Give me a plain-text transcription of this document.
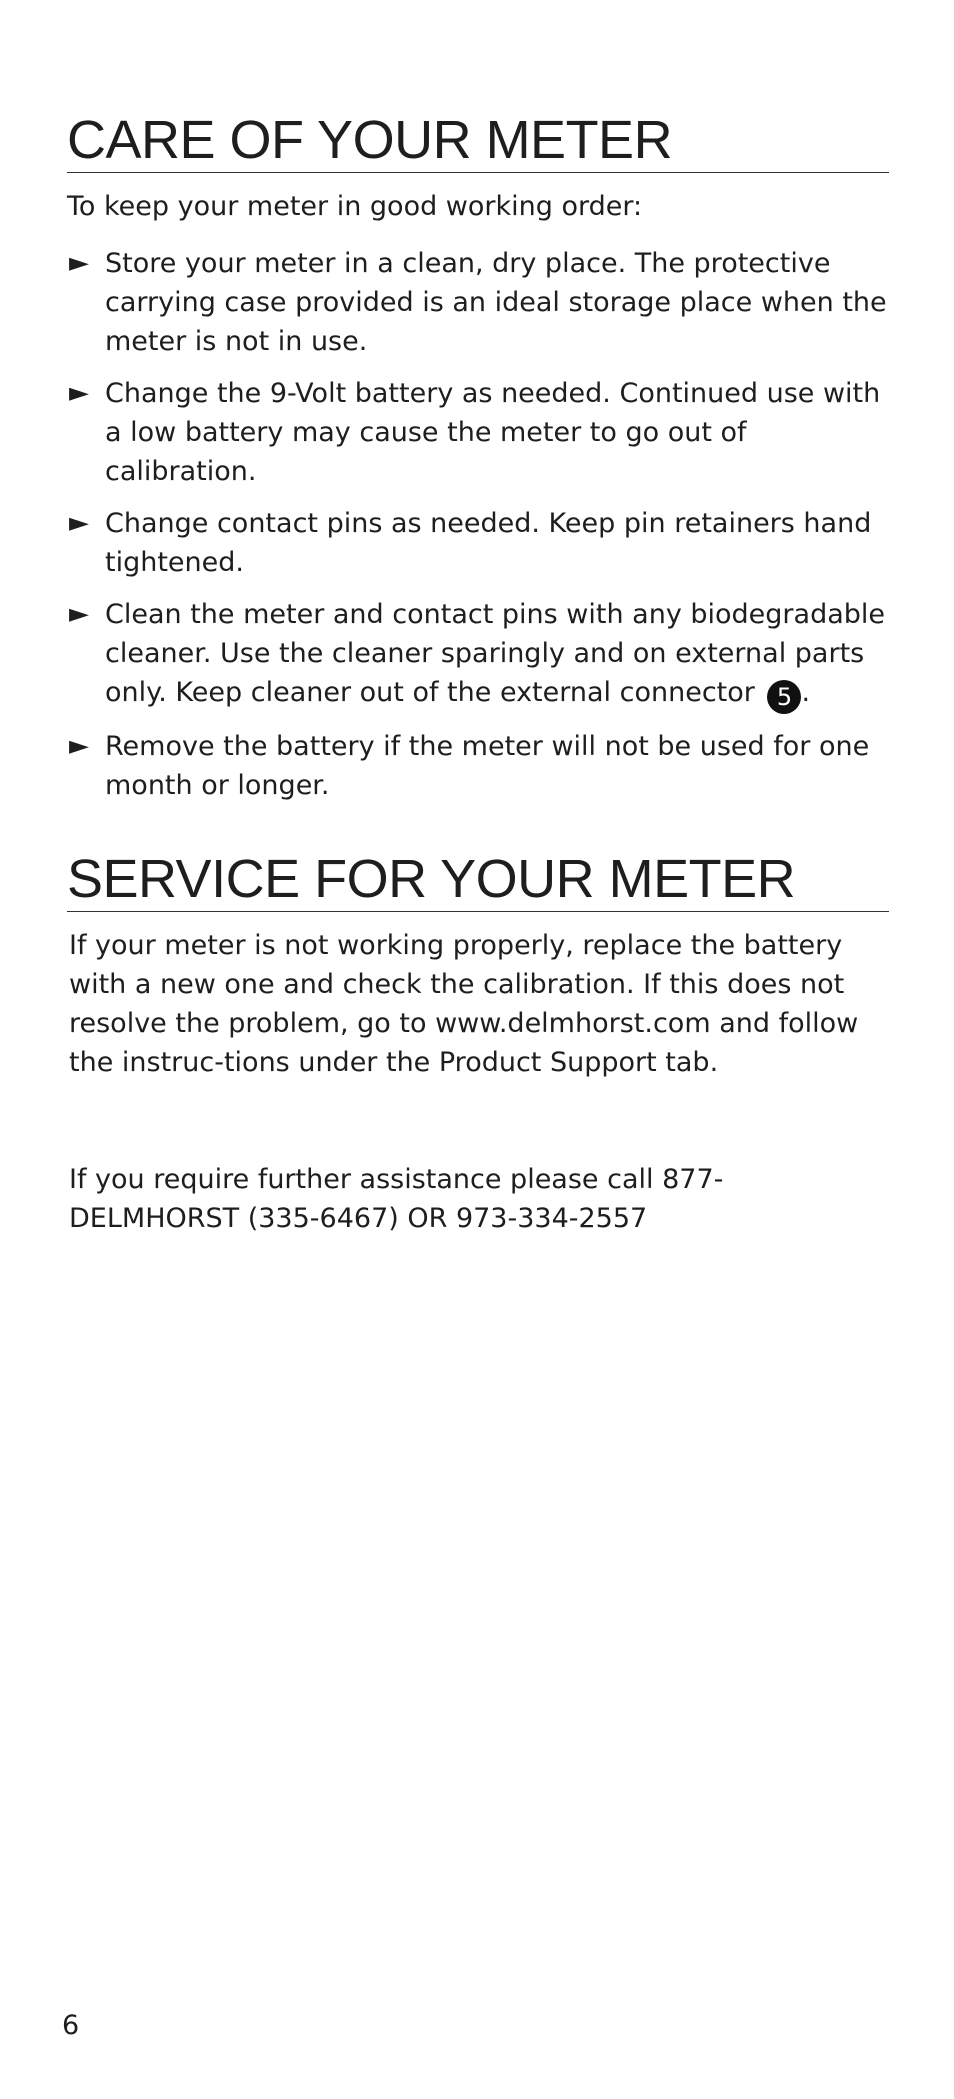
CARE OF YOUR METER

To keep your meter in good working order:

► Store your meter in a clean, dry place. The protective carrying case provided is an ideal storage place when the meter is not in use.
► Change the 9-Volt battery as needed. Continued use with a low battery may cause the meter to go out of calibration.
► Change contact pins as needed. Keep pin retainers hand tightened.
► Clean the meter and contact pins with any biodegradable cleaner. Use the cleaner sparingly and on external parts only. Keep cleaner out of the external connector 5 .
► Remove the battery if the meter will not be used for one month or longer.
SERVICE FOR YOUR METER

If your meter is not working properly, replace the battery with a new one and check the calibration. If this does not resolve the problem, go to www.delmhorst.com and follow the instruc-tions under the Product Support tab.

If you require further assistance please call 877-DELMHORST (335-6467) OR 973-334-2557

6
